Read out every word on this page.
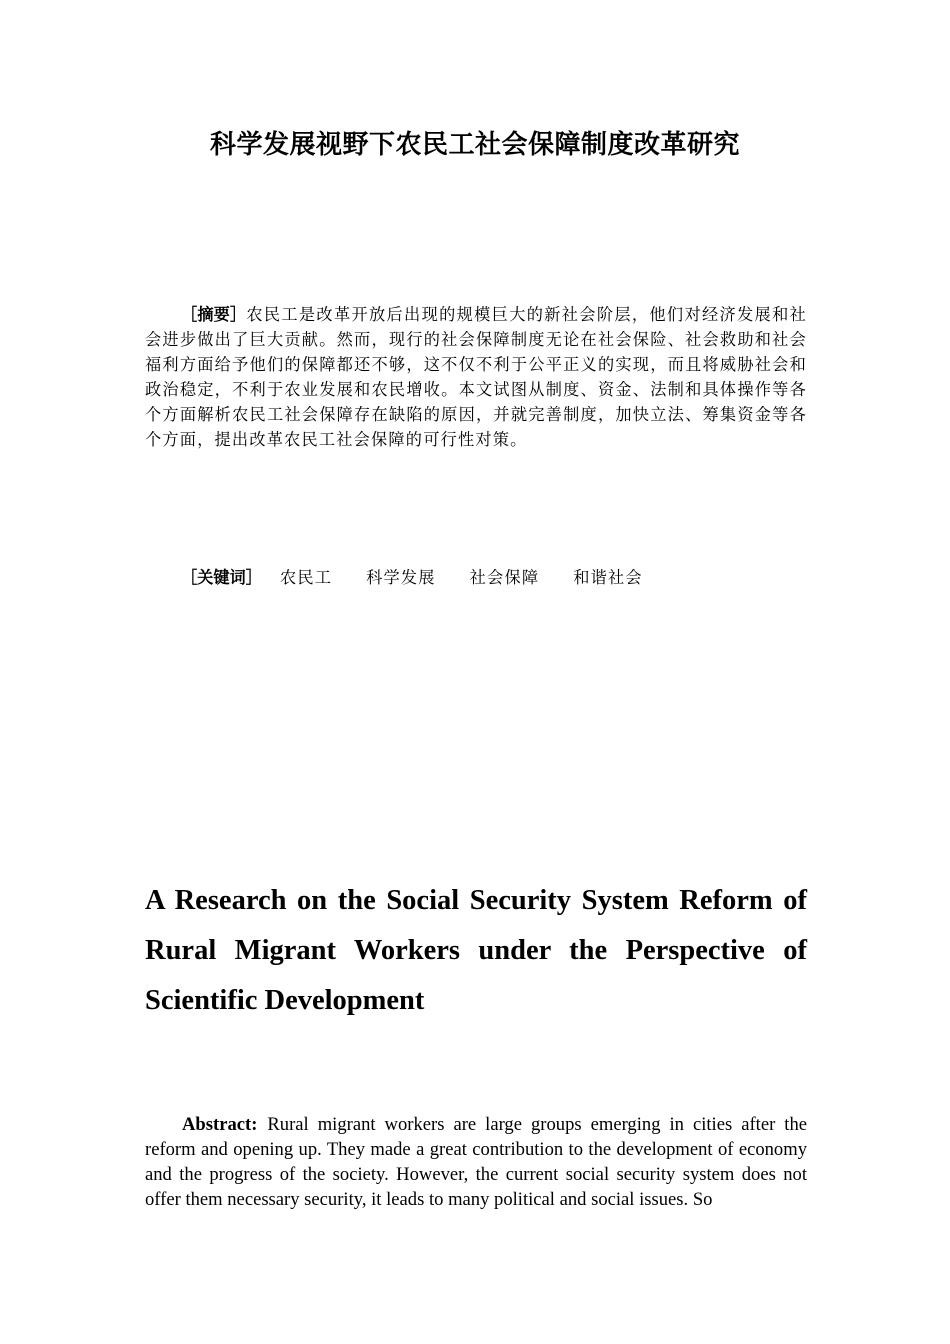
科学发展视野下农民工社会保障制度改革研究
［摘要］农民工是改革开放后出现的规模巨大的新社会阶层，他们对经济发展和社会进步做出了巨大贡献。然而，现行的社会保障制度无论在社会保险、社会救助和社会福利方面给予他们的保障都还不够，这不仅不利于公平正义的实现，而且将威胁社会和政治稳定，不利于农业发展和农民增收。本文试图从制度、资金、法制和具体操作等各个方面解析农民工社会保障存在缺陷的原因，并就完善制度，加快立法、筹集资金等各个方面，提出改革农民工社会保障的可行性对策。
［关键词］ 农民工 科学发展 社会保障 和谐社会
A Research on the Social Security System Reform of Rural Migrant Workers under the Perspective of Scientific Development
Abstract: Rural migrant workers are large groups emerging in cities after the reform and opening up. They made a great contribution to the development of economy and the progress of the society. However, the current social security system does not offer them necessary security, it leads to many political and social issues. So
